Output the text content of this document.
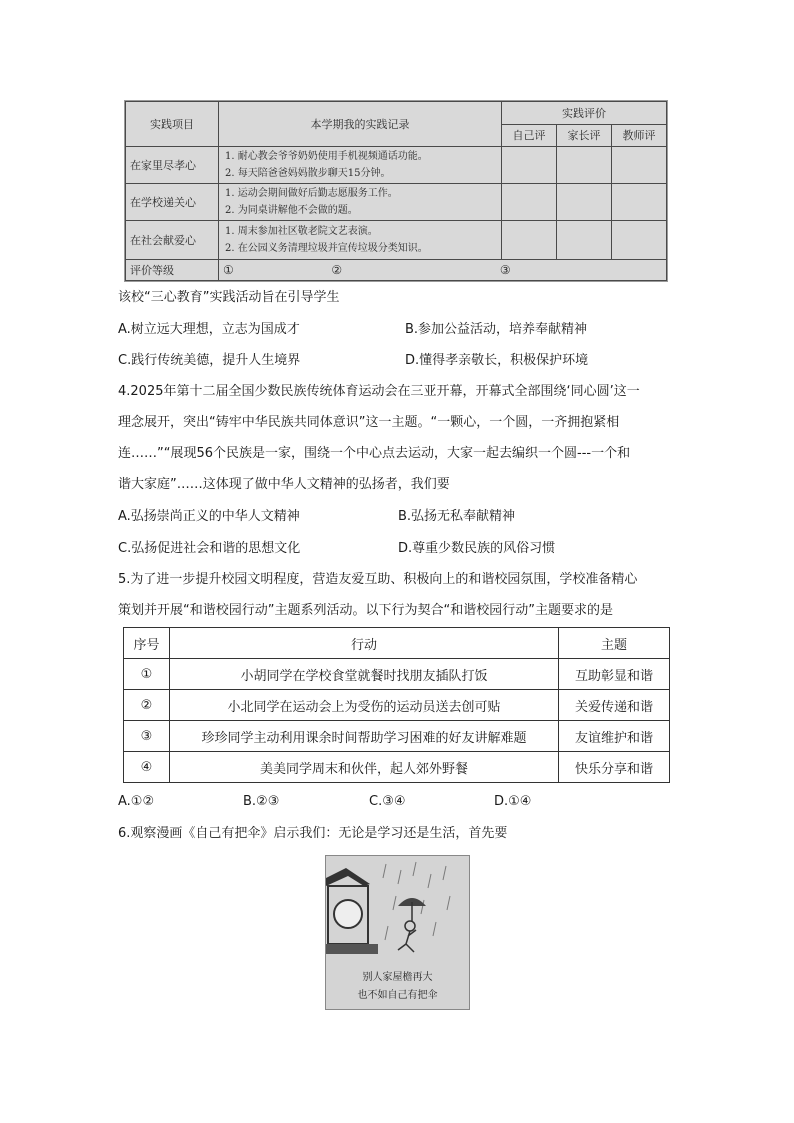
实践项目	本学期我的实践记录	实践评价		
		自己评	家长评	教师评
在家里尽孝心	1. 耐心教会爷爷奶奶使用手机视频通话功能。
2. 每天陪爸爸妈妈散步聊天15分钟。			

在学校递关心	1. 运动会期间做好后勤志愿服务工作。
2. 为同桌讲解他不会做的题。			

在社会献爱心	1. 周末参加社区敬老院文艺表演。
2. 在公园义务清理垃圾并宣传垃圾分类知识。			

评价等级	① ② ③			
该校“三心教育”实践活动旨在引导学生
A.树立远大理想，立志为国成才	B.参加公益活动，培养奉献精神
C.践行传统美德，提升人生境界	D.懂得孝亲敬长，积极保护环境
4.2025年第十二届全国少数民族传统体育运动会在三亚开幕，开幕式全部围绕‘同心圆’这一
理念展开，突出“铸牢中华民族共同体意识”这一主题。“一颗心，一个圆，一齐拥抱紧相
连……”“展现56个民族是一家，围绕一个中心点去运动，大家一起去编织一个圆---一个和
谐大家庭”……这体现了做中华人文精神的弘扬者，我们要
A.弘扬崇尚正义的中华人文精神	B.弘扬无私奉献精神
C.弘扬促进社会和谐的思想文化	D.尊重少数民族的风俗习惯
5.为了进一步提升校园文明程度，营造友爱互助、积极向上的和谐校园氛围，学校准备精心
策划并开展“和谐校园行动”主题系列活动。以下行为契合“和谐校园行动”主题要求的是
序号	行动	主题
①	小胡同学在学校食堂就餐时找朋友插队打饭	互助彰显和谐
②	小北同学在运动会上为受伤的运动员送去创可贴	关爱传递和谐
③	珍珍同学主动利用课余时间帮助学习困难的好友讲解难题	友谊维护和谐
④	美美同学周末和伙伴，起人郊外野餐	快乐分享和谐
A.①②	B.②③	C.③④	D.①④
6.观察漫画《自己有把伞》启示我们：无论是学习还是生活，首先要
别人家屋檐再大
也不如自己有把伞
